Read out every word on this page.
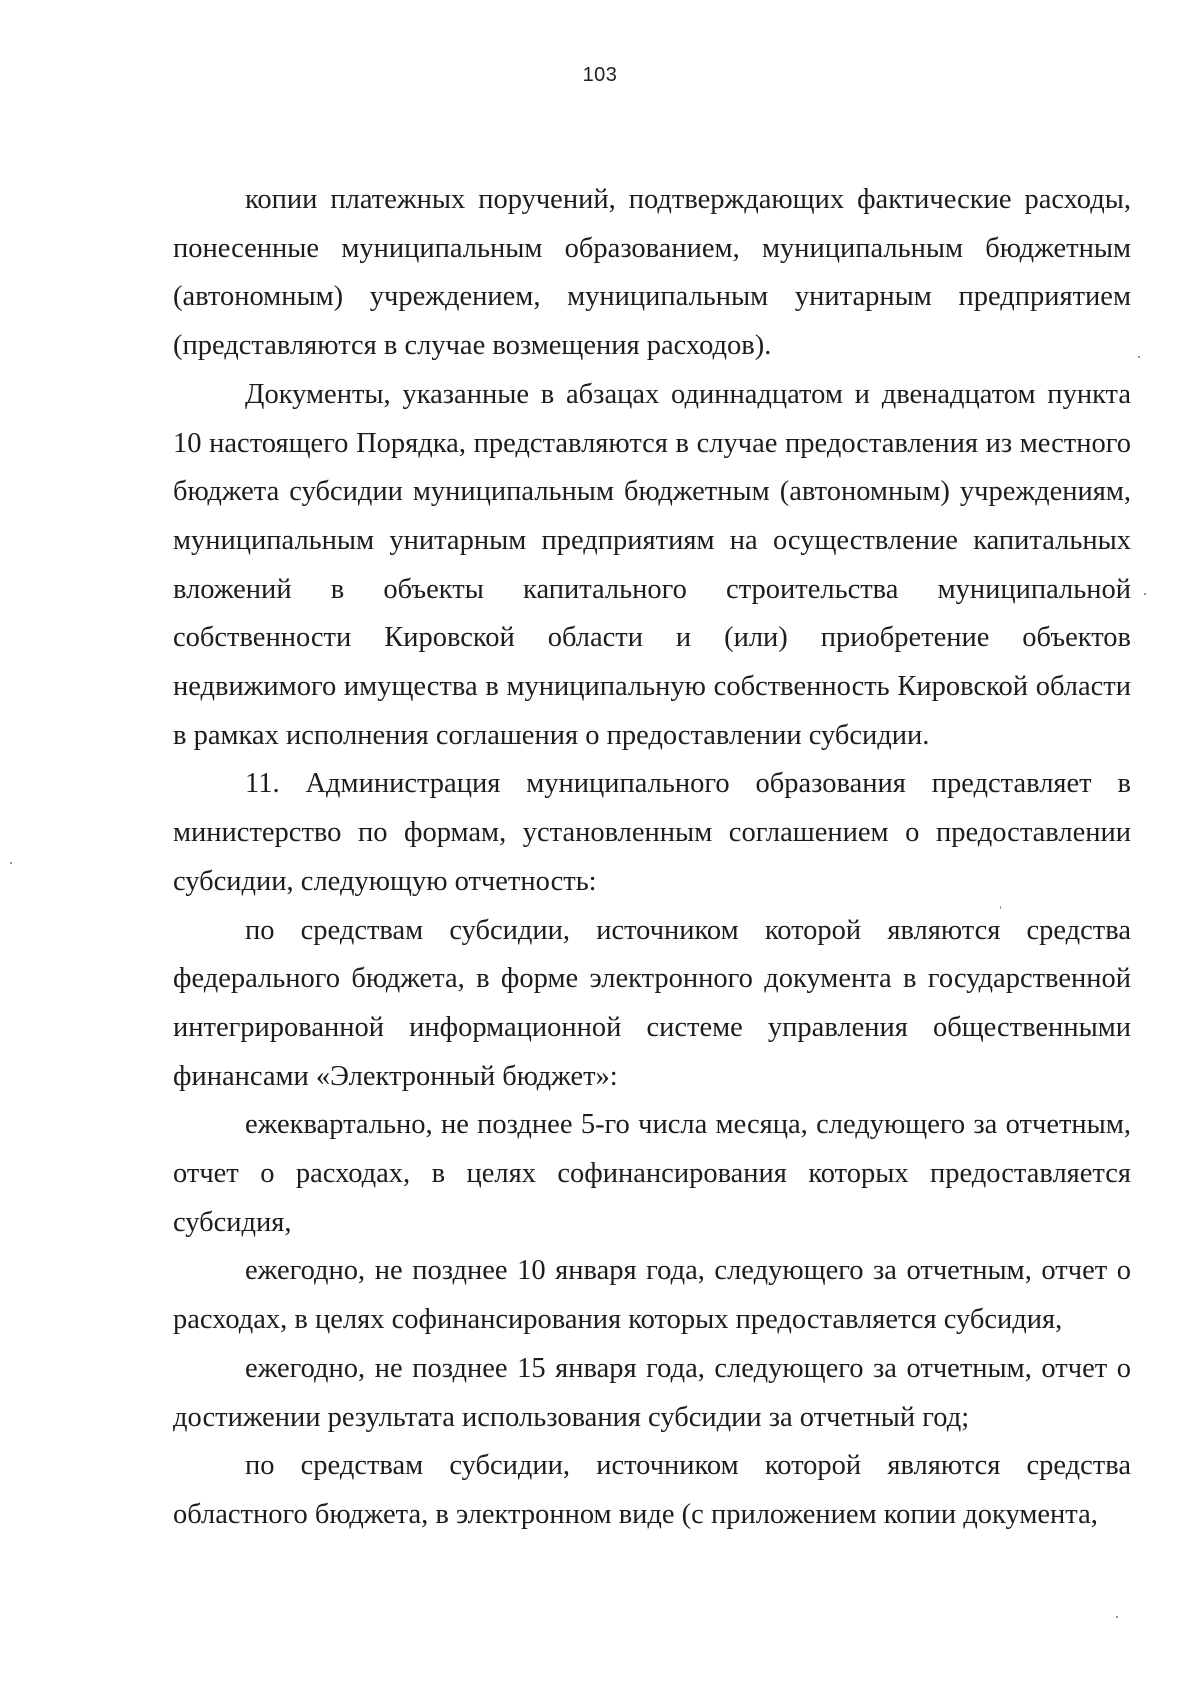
103

копии платежных поручений, подтверждающих фактические расходы, понесенные муниципальным образованием, муниципальным бюджетным (автономным) учреждением, муниципальным унитарным предприятием (представляются в случае возмещения расходов).

Документы, указанные в абзацах одиннадцатом и двенадцатом пункта 10 настоящего Порядка, представляются в случае предоставления из местного бюджета субсидии муниципальным бюджетным (автономным) учреждениям, муниципальным унитарным предприятиям на осуществление капитальных вложений в объекты капитального строительства муниципальной собственности Кировской области и (или) приобретение объектов недвижимого имущества в муниципальную собственность Кировской области в рамках исполнения соглашения о предоставлении субсидии.

11. Администрация муниципального образования представляет в министерство по формам, установленным соглашением о предоставлении субсидии, следующую отчетность:

по средствам субсидии, источником которой являются средства федерального бюджета, в форме электронного документа в государственной интегрированной информационной системе управления общественными финансами «Электронный бюджет»:

ежеквартально, не позднее 5-го числа месяца, следующего за отчетным, отчет о расходах, в целях софинансирования которых предоставляется субсидия,

ежегодно, не позднее 10 января года, следующего за отчетным, отчет о расходах, в целях софинансирования которых предоставляется субсидия,

ежегодно, не позднее 15 января года, следующего за отчетным, отчет о достижении результата использования субсидии за отчетный год;

по средствам субсидии, источником которой являются средства областного бюджета, в электронном виде (с приложением копии документа,
